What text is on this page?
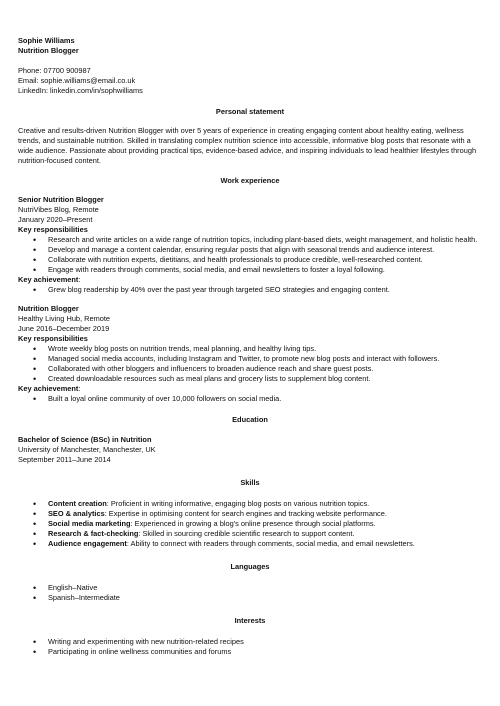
Sophie Williams
Nutrition Blogger
Phone: 07700 900987
Email: sophie.williams@email.co.uk
LinkedIn: linkedin.com/in/sophwilliams
Personal statement

Creative and results-driven Nutrition Blogger with over 5 years of experience in creating engaging content about healthy eating, wellness trends, and sustainable nutrition. Skilled in translating complex nutrition science into accessible, informative blog posts that resonate with a wide audience. Passionate about providing practical tips, evidence-based advice, and inspiring individuals to lead healthier lifestyles through nutrition-focused content.

Work experience
Senior Nutrition Blogger
NutriVibes Blog, Remote
January 2020–Present
Key responsibilities
• Research and write articles on a wide range of nutrition topics, including plant-based diets, weight management, and holistic health.
• Develop and manage a content calendar, ensuring regular posts that align with seasonal trends and audience interest.
• Collaborate with nutrition experts, dietitians, and health professionals to produce credible, well-researched content.
• Engage with readers through comments, social media, and email newsletters to foster a loyal following.
Key achievement:
• Grew blog readership by 40% over the past year through targeted SEO strategies and engaging content.
Nutrition Blogger
Healthy Living Hub, Remote
June 2016–December 2019
Key responsibilities
• Wrote weekly blog posts on nutrition trends, meal planning, and healthy living tips.
• Managed social media accounts, including Instagram and Twitter, to promote new blog posts and interact with followers.
• Collaborated with other bloggers and influencers to broaden audience reach and share guest posts.
• Created downloadable resources such as meal plans and grocery lists to supplement blog content.
Key achievement:
• Built a loyal online community of over 10,000 followers on social media.
Education
Bachelor of Science (BSc) in Nutrition
University of Manchester, Manchester, UK
September 2011–June 2014
Skills
• Content creation: Proficient in writing informative, engaging blog posts on various nutrition topics.
• SEO & analytics: Expertise in optimising content for search engines and tracking website performance.
• Social media marketing: Experienced in growing a blog's online presence through social platforms.
• Research & fact-checking: Skilled in sourcing credible scientific research to support content.
• Audience engagement: Ability to connect with readers through comments, social media, and email newsletters.
Languages
• English–Native
• Spanish–Intermediate
Interests
• Writing and experimenting with new nutrition-related recipes
• Participating in online wellness communities and forums
